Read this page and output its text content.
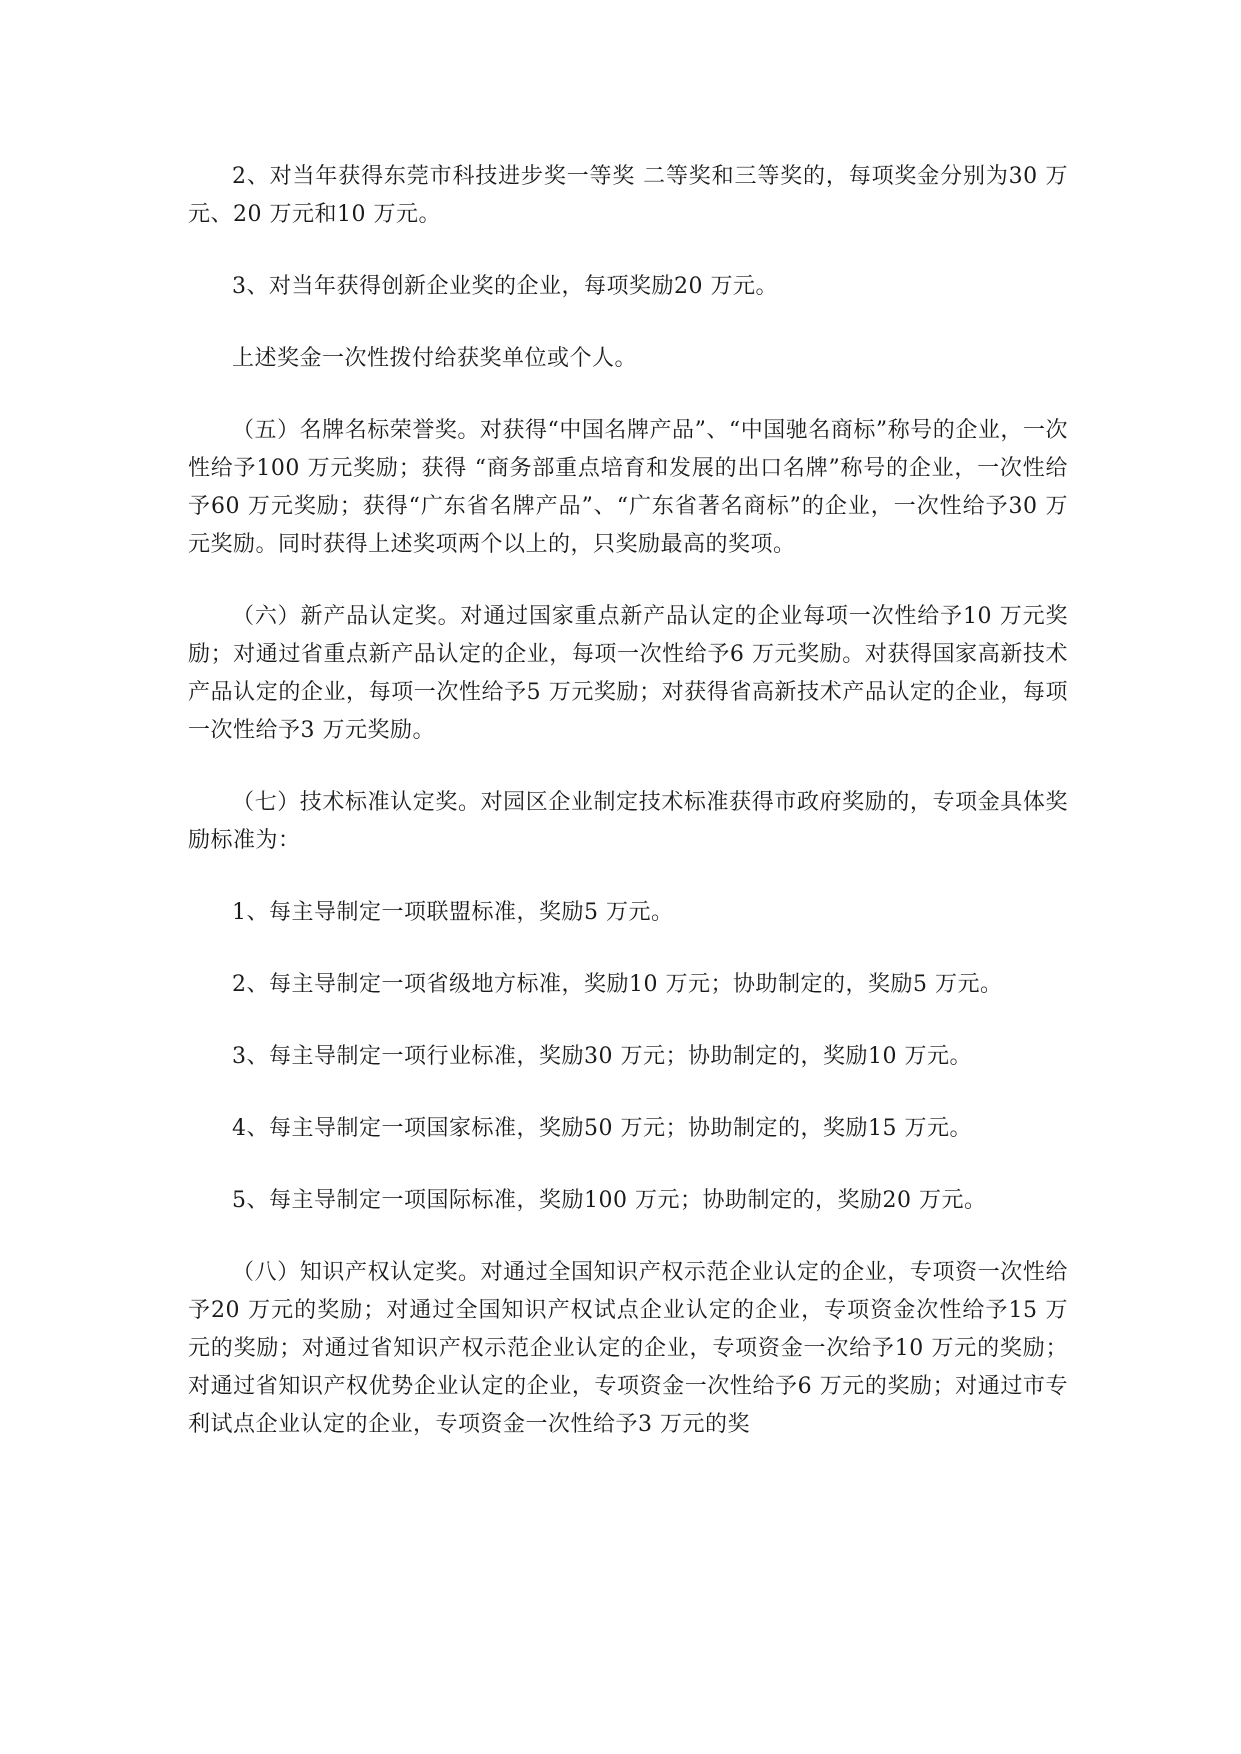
2、对当年获得东莞市科技进步奖一等奖 二等奖和三等奖的，每项奖金分别为30 万元、20 万元和10 万元。

3、对当年获得创新企业奖的企业，每项奖励20 万元。

上述奖金一次性拨付给获奖单位或个人。

（五）名牌名标荣誉奖。对获得“中国名牌产品”、“中国驰名商标”称号的企业，一次性给予100 万元奖励；获得 “商务部重点培育和发展的出口名牌”称号的企业，一次性给予60 万元奖励；获得“广东省名牌产品”、“广东省著名商标”的企业，一次性给予30 万元奖励。同时获得上述奖项两个以上的，只奖励最高的奖项。

（六）新产品认定奖。对通过国家重点新产品认定的企业每项一次性给予10 万元奖励；对通过省重点新产品认定的企业，每项一次性给予6 万元奖励。对获得国家高新技术产品认定的企业，每项一次性给予5 万元奖励；对获得省高新技术产品认定的企业，每项一次性给予3 万元奖励。

（七）技术标准认定奖。对园区企业制定技术标准获得市政府奖励的，专项金具体奖励标准为：

1、每主导制定一项联盟标准，奖励5 万元。

2、每主导制定一项省级地方标准，奖励10 万元；协助制定的，奖励5 万元。

3、每主导制定一项行业标准，奖励30 万元；协助制定的，奖励10 万元。

4、每主导制定一项国家标准，奖励50 万元；协助制定的，奖励15 万元。

5、每主导制定一项国际标准，奖励100 万元；协助制定的，奖励20 万元。

（八）知识产权认定奖。对通过全国知识产权示范企业认定的企业，专项资一次性给予20 万元的奖励；对通过全国知识产权试点企业认定的企业，专项资金次性给予15 万元的奖励；对通过省知识产权示范企业认定的企业，专项资金一次给予10 万元的奖励；对通过省知识产权优势企业认定的企业，专项资金一次性给予6 万元的奖励；对通过市专利试点企业认定的企业，专项资金一次性给予3 万元的奖
